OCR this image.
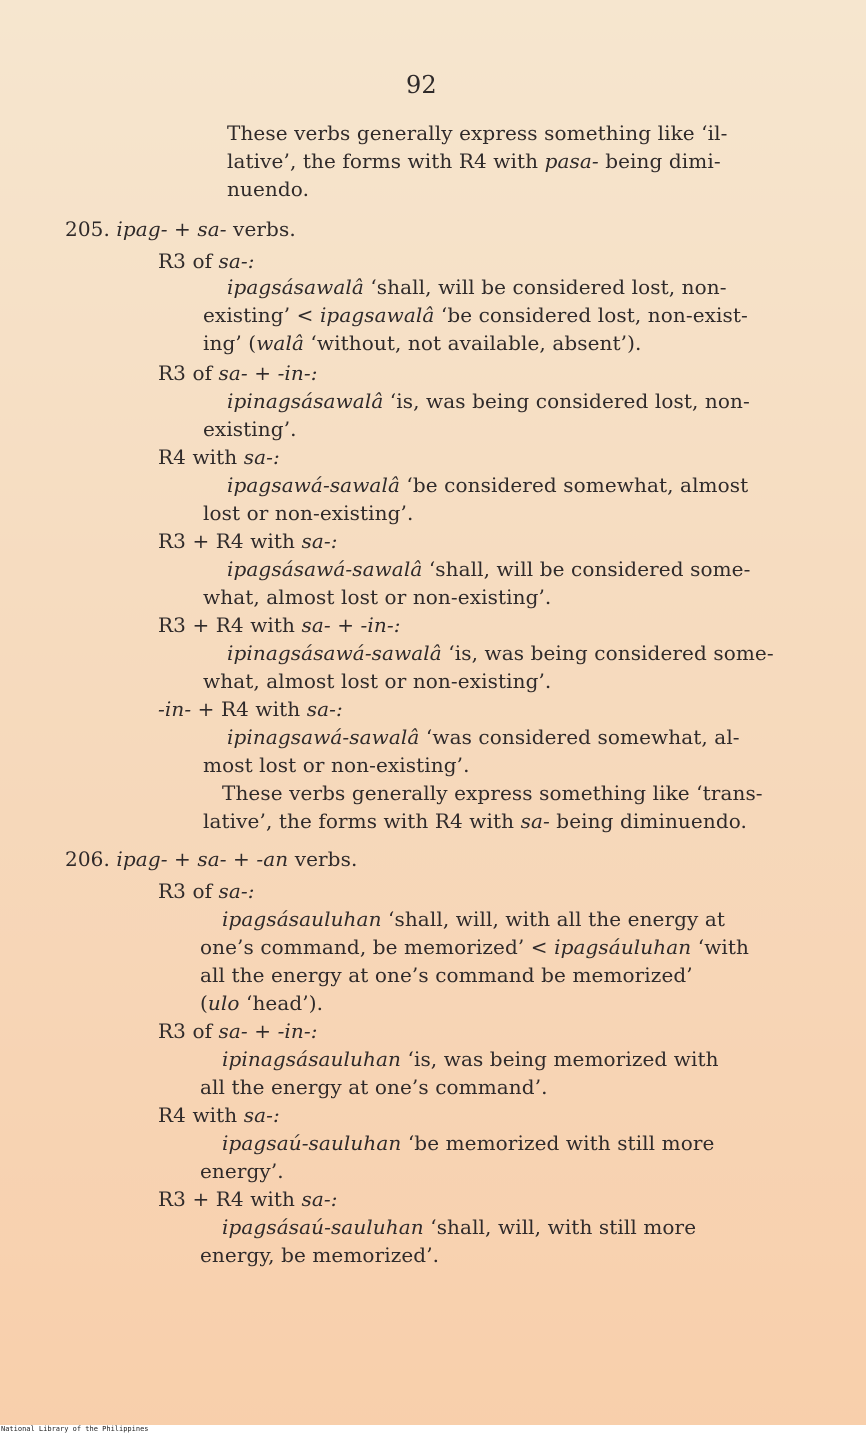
92
These verbs generally express something like ‘il-
lative’, the forms with R4 with pasa- being dimi-
nuendo.
205. ipag- + sa- verbs.
R3 of sa-:
ipagsásawalâ ‘shall, will be considered lost, non-
existing’ < ipagsawalâ ‘be considered lost, non-exist-
ing’ (walâ ‘without, not available, absent’).
R3 of sa- + -in-:
ipinagsásawalâ ‘is, was being considered lost, non-
existing’.
R4 with sa-:
ipagsawá-sawalâ ‘be considered somewhat, almost
lost or non-existing’.
R3 + R4 with sa-:
ipagsásawá-sawalâ ‘shall, will be considered some-
what, almost lost or non-existing’.
R3 + R4 with sa- + -in-:
ipinagsásawá-sawalâ ‘is, was being considered some-
what, almost lost or non-existing’.
-in- + R4 with sa-:
ipinagsawá-sawalâ ‘was considered somewhat, al-
most lost or non-existing’.
These verbs generally express something like ‘trans-
lative’, the forms with R4 with sa- being diminuendo.
206. ipag- + sa- + -an verbs.
R3 of sa-:
ipagsásauluhan ‘shall, will, with all the energy at
one’s command, be memorized’ < ipagsáuluhan ‘with
all the energy at one’s command be memorized’
(ulo ‘head’).
R3 of sa- + -in-:
ipinagsásauluhan ‘is, was being memorized with
all the energy at one’s command’.
R4 with sa-:
ipagsaú-sauluhan ‘be memorized with still more
energy’.
R3 + R4 with sa-:
ipagsásaú-sauluhan ‘shall, will, with still more
energy, be memorized’.
National Library of the Philippines
